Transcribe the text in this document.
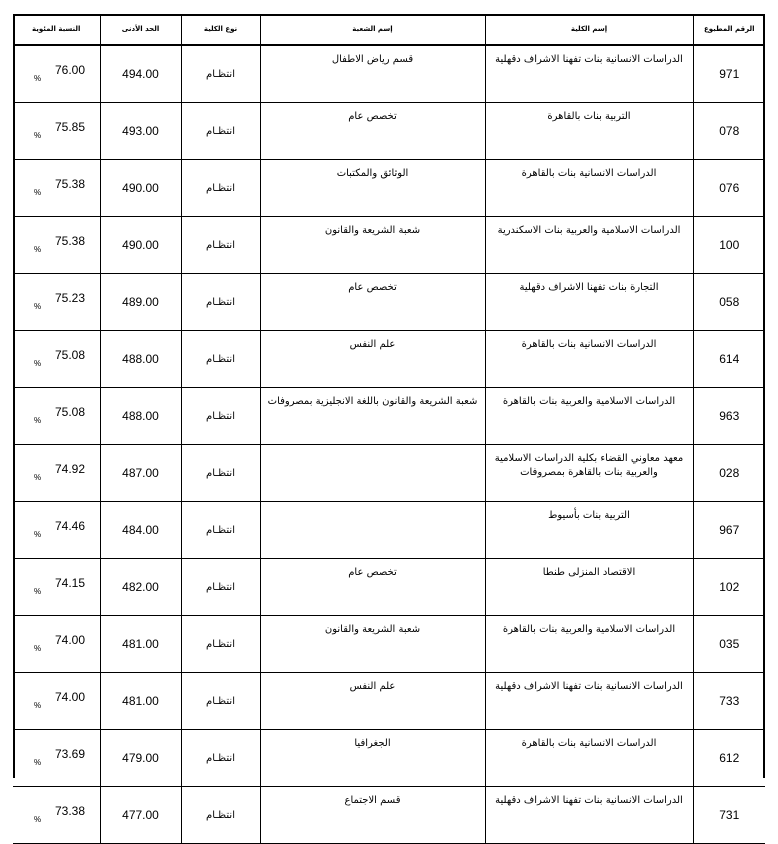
النسبة المئوية	الحد الأدنى	نوع الكلية	إسم الشعبة	إسم الكلية	الرقم المطبوع

%
76.00	494.00	انتظـام	قسم رياض الاطفال	الدراسات الانسانية بنات تفهنا الاشراف دقهلية	971

%
75.85	493.00	انتظـام	تخصص عام	التربية بنات بالقاهرة	078

%
75.38	490.00	انتظـام	الوثائق والمكتبات	الدراسات الانسانية بنات بالقاهرة	076

%
75.38	490.00	انتظـام	شعبة الشريعة والقانون	الدراسات الاسلامية والعربية بنات الاسكندرية	100

%
75.23	489.00	انتظـام	تخصص عام	التجارة بنات تفهنا الاشراف دقهلية	058

%
75.08	488.00	انتظـام	علم النفس	الدراسات الانسانية بنات بالقاهرة	614

%
75.08	488.00	انتظـام	شعبة الشريعة والقانون باللغة الانجليزية بمصروفات	الدراسات الاسلامية والعربية بنات بالقاهرة	963

%
74.92	487.00	انتظـام		معهد معاوني القضاء بكلية الدراسات الاسلامية والعربية بنات بالقاهرة بمصروفات	028

%
74.46	484.00	انتظـام		التربية بنات بأسيوط	967

%
74.15	482.00	انتظـام	تخصص عام	الاقتصاد المنزلى طنطا	102

%
74.00	481.00	انتظـام	شعبة الشريعة والقانون	الدراسات الاسلامية والعربية بنات بالقاهرة	035

%
74.00	481.00	انتظـام	علم النفس	الدراسات الانسانية بنات تفهنا الاشراف دقهلية	733

%
73.69	479.00	انتظـام	الجغرافيا	الدراسات الانسانية بنات بالقاهرة	612

%
73.38	477.00	انتظـام	قسم الاجتماع	الدراسات الانسانية بنات تفهنا الاشراف دقهلية	731
